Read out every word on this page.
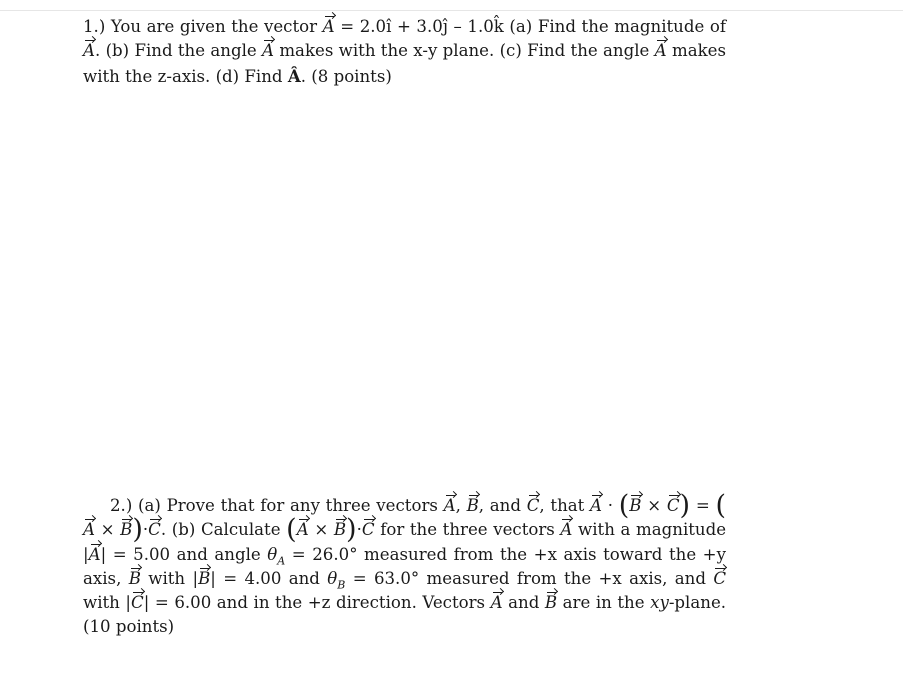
1.) You are given the vector A = 2.0î + 3.0ĵ – 1.0k̂ (a) Find the magnitude of A. (b) Find the angle A makes with the x-y plane. (c) Find the angle A makes with the z-axis. (d) Find Â. (8 points)
2.) (a) Prove that for any three vectors A, B, and C, that A · (B × C) = (A × B)·C. (b) Calculate (A × B)·C for the three vectors A with a magnitude |A| = 5.00 and angle $\theta_A = 26.0^\circ$ measured from the +x axis toward the +y axis, B with |B| = 4.00 and $\theta_B = 63.0^\circ$ measured from the +x axis, and C with |C| = 6.00 and in the +z direction. Vectors A and B are in the xy-plane. (10 points)
